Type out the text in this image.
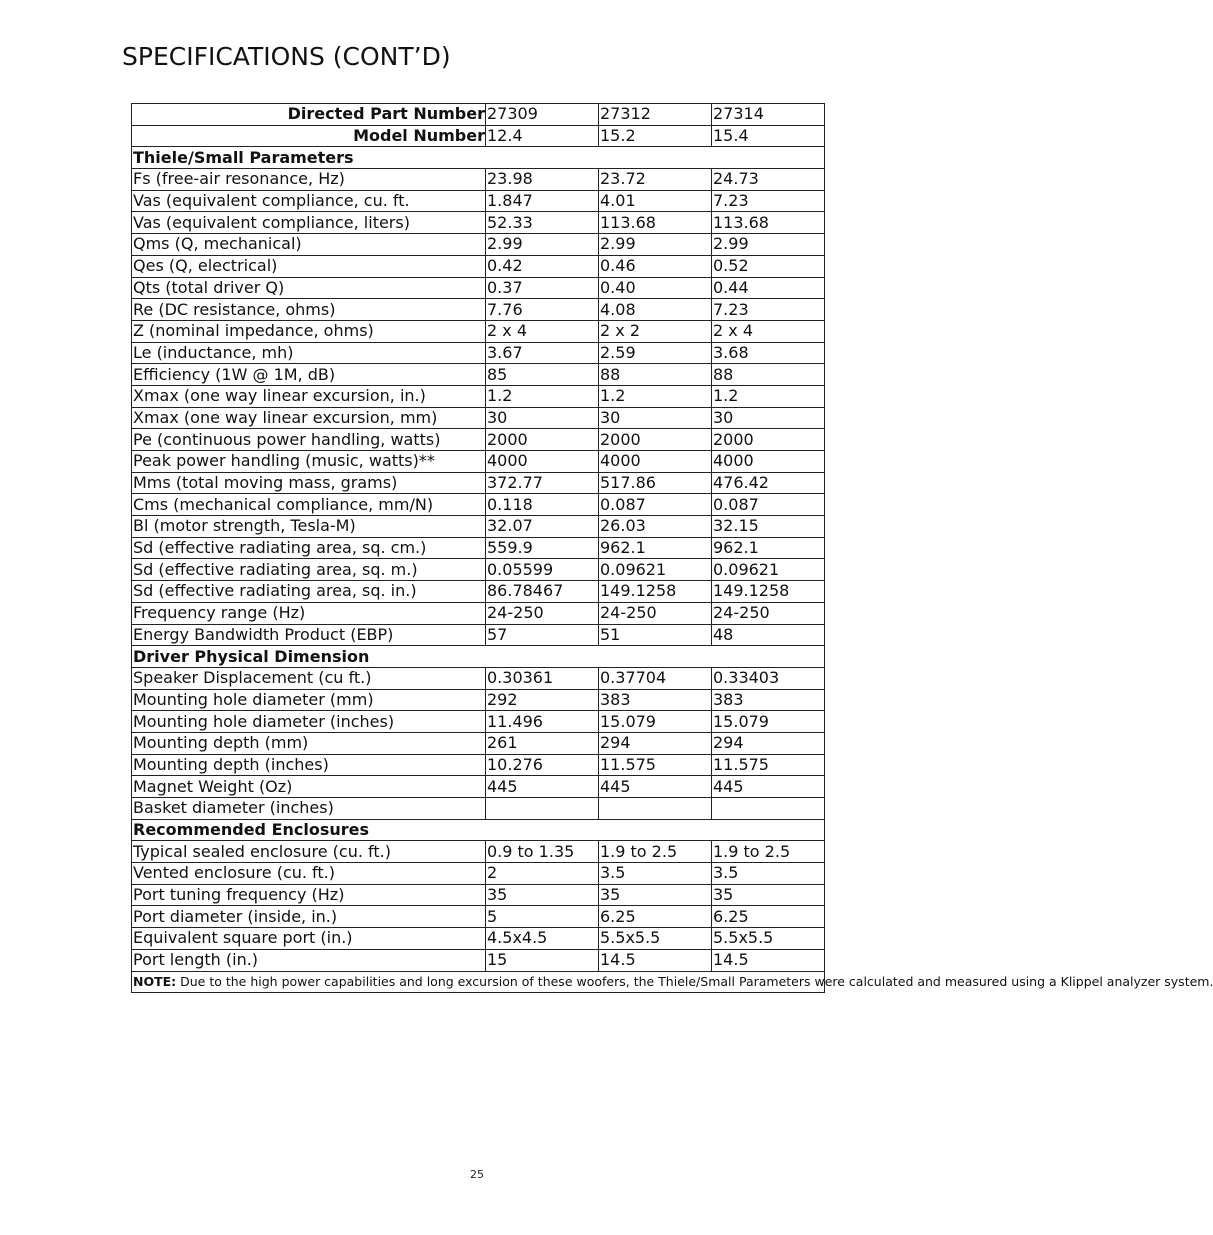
SPECIFICATIONS (CONT’D)
Directed Part Number	27309	27312	27314
Model Number	12.4	15.2	15.4
Thiele/Small Parameters			
Fs (free-air resonance, Hz)	23.98	23.72	24.73
Vas (equivalent compliance, cu. ft.	1.847	4.01	7.23
Vas (equivalent compliance, liters)	52.33	113.68	113.68
Qms (Q, mechanical)	2.99	2.99	2.99
Qes (Q, electrical)	0.42	0.46	0.52
Qts (total driver Q)	0.37	0.40	0.44
Re (DC resistance, ohms)	7.76	4.08	7.23
Z (nominal impedance, ohms)	2 x 4	2 x 2	2 x 4
Le (inductance, mh)	3.67	2.59	3.68
Efficiency (1W @ 1M, dB)	85	88	88
Xmax (one way linear excursion, in.)	1.2	1.2	1.2
Xmax (one way linear excursion, mm)	30	30	30
Pe (continuous power handling, watts)	2000	2000	2000
Peak power handling (music, watts)**	4000	4000	4000
Mms (total moving mass, grams)	372.77	517.86	476.42
Cms (mechanical compliance, mm/N)	0.118	0.087	0.087
Bl (motor strength, Tesla-M)	32.07	26.03	32.15
Sd (effective radiating area, sq. cm.)	559.9	962.1	962.1
Sd (effective radiating area, sq. m.)	0.05599	0.09621	0.09621
Sd (effective radiating area, sq. in.)	86.78467	149.1258	149.1258
Frequency range (Hz)	24-250	24-250	24-250
Energy Bandwidth Product (EBP)	57	51	48
Driver Physical Dimension			
Speaker Displacement (cu ft.)	0.30361	0.37704	0.33403
Mounting hole diameter (mm)	292	383	383
Mounting hole diameter (inches)	11.496	15.079	15.079
Mounting depth (mm)	261	294	294
Mounting depth (inches)	10.276	11.575	11.575
Magnet Weight (Oz)	445	445	445
Basket diameter (inches)			
Recommended Enclosures			
Typical sealed enclosure (cu. ft.)	0.9 to 1.35	1.9 to 2.5	1.9 to 2.5
Vented enclosure (cu. ft.)	2	3.5	3.5
Port tuning frequency (Hz)	35	35	35
Port diameter (inside, in.)	5	6.25	6.25
Equivalent square port (in.)	4.5x4.5	5.5x5.5	5.5x5.5
Port length (in.)	15	14.5	14.5
NOTE: Due to the high power capabilities and long excursion of these woofers, the Thiele/Small Parameters were calculated and measured using a Klippel analyzer system.			
25
